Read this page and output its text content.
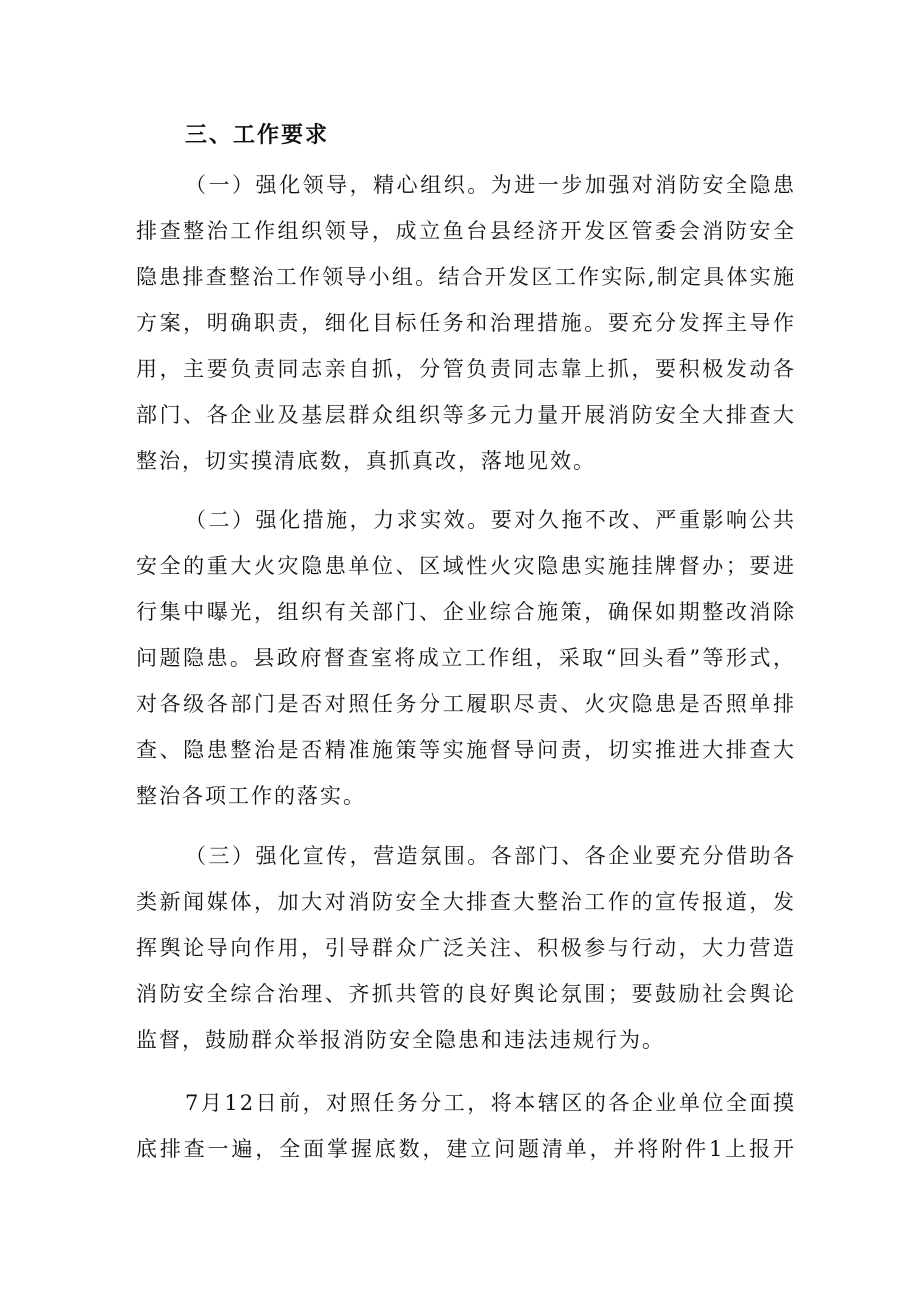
三、工作要求
（一）强化领导，精心组织。为进一步加强对消防安全隐患
排查整治工作组织领导，成立鱼台县经济开发区管委会消防安全
隐患排查整治工作领导小组。结合开发区工作实际,制定具体实施
方案，明确职责，细化目标任务和治理措施。要充分发挥主导作
用，主要负责同志亲自抓，分管负责同志靠上抓，要积极发动各
部门、各企业及基层群众组织等多元力量开展消防安全大排查大
整治，切实摸清底数，真抓真改，落地见效。
（二）强化措施，力求实效。要对久拖不改、严重影响公共
安全的重大火灾隐患单位、区域性火灾隐患实施挂牌督办；要进
行集中曝光，组织有关部门、企业综合施策，确保如期整改消除
问题隐患。县政府督查室将成立工作组，采取“回头看”等形式，
对各级各部门是否对照任务分工履职尽责、火灾隐患是否照单排
查、隐患整治是否精准施策等实施督导问责，切实推进大排查大
整治各项工作的落实。
（三）强化宣传，营造氛围。各部门、各企业要充分借助各
类新闻媒体，加大对消防安全大排查大整治工作的宣传报道，发
挥舆论导向作用，引导群众广泛关注、积极参与行动，大力营造
消防安全综合治理、齐抓共管的良好舆论氛围；要鼓励社会舆论
监督，鼓励群众举报消防安全隐患和违法违规行为。
7月12日前，对照任务分工，将本辖区的各企业单位全面摸
底排查一遍，全面掌握底数，建立问题清单，并将附件1上报开
